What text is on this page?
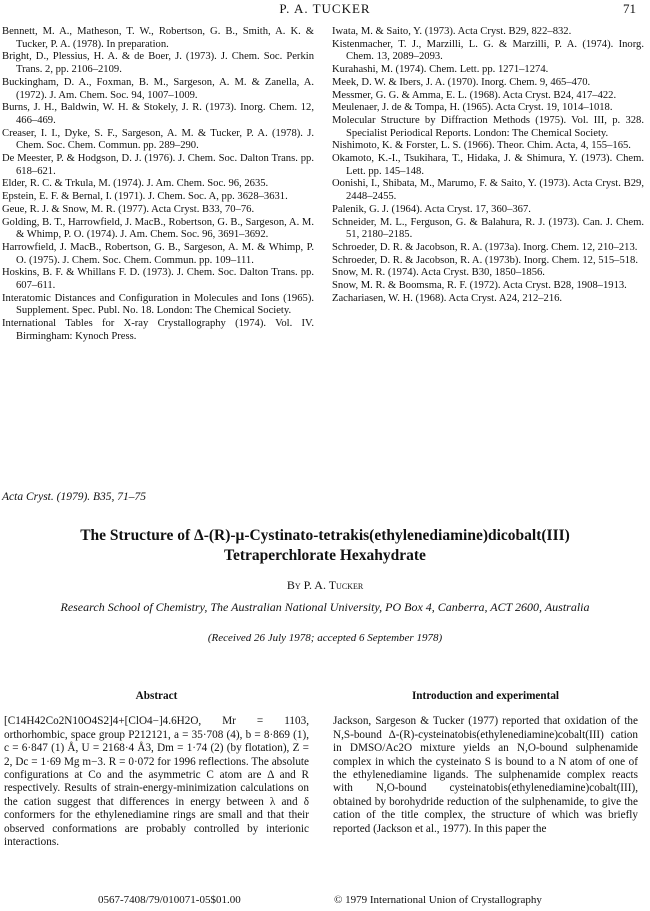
P. A. TUCKER	71
Bennett, M. A., Matheson, T. W., Robertson, G. B., Smith, A. K. & Tucker, P. A. (1978). In preparation.
Bright, D., Plessius, H. A. & de Boer, J. (1973). J. Chem. Soc. Perkin Trans. 2, pp. 2106–2109.
Buckingham, D. A., Foxman, B. M., Sargeson, A. M. & Zanella, A. (1972). J. Am. Chem. Soc. 94, 1007–1009.
Burns, J. H., Baldwin, W. H. & Stokely, J. R. (1973). Inorg. Chem. 12, 466–469.
Creaser, I. I., Dyke, S. F., Sargeson, A. M. & Tucker, P. A. (1978). J. Chem. Soc. Chem. Commun. pp. 289–290.
De Meester, P. & Hodgson, D. J. (1976). J. Chem. Soc. Dalton Trans. pp. 618–621.
Elder, R. C. & Trkula, M. (1974). J. Am. Chem. Soc. 96, 2635.
Epstein, E. F. & Bernal, I. (1971). J. Chem. Soc. A, pp. 3628–3631.
Geue, R. J. & Snow, M. R. (1977). Acta Cryst. B33, 70–76.
Golding, B. T., Harrowfield, J. MacB., Robertson, G. B., Sargeson, A. M. & Whimp, P. O. (1974). J. Am. Chem. Soc. 96, 3691–3692.
Harrowfield, J. MacB., Robertson, G. B., Sargeson, A. M. & Whimp, P. O. (1975). J. Chem. Soc. Chem. Commun. pp. 109–111.
Hoskins, B. F. & Whillans F. D. (1973). J. Chem. Soc. Dalton Trans. pp. 607–611.
Interatomic Distances and Configuration in Molecules and Ions (1965). Supplement. Spec. Publ. No. 18. London: The Chemical Society.
International Tables for X-ray Crystallography (1974). Vol. IV. Birmingham: Kynoch Press.
Iwata, M. & Saito, Y. (1973). Acta Cryst. B29, 822–832.
Kistenmacher, T. J., Marzilli, L. G. & Marzilli, P. A. (1974). Inorg. Chem. 13, 2089–2093.
Kurahashi, M. (1974). Chem. Lett. pp. 1271–1274.
Meek, D. W. & Ibers, J. A. (1970). Inorg. Chem. 9, 465–470.
Messmer, G. G. & Amma, E. L. (1968). Acta Cryst. B24, 417–422.
Meulenaer, J. de & Tompa, H. (1965). Acta Cryst. 19, 1014–1018.
Molecular Structure by Diffraction Methods (1975). Vol. III, p. 328. Specialist Periodical Reports. London: The Chemical Society.
Nishimoto, K. & Forster, L. S. (1966). Theor. Chim. Acta, 4, 155–165.
Okamoto, K.-I., Tsukihara, T., Hidaka, J. & Shimura, Y. (1973). Chem. Lett. pp. 145–148.
Oonishi, I., Shibata, M., Marumo, F. & Saito, Y. (1973). Acta Cryst. B29, 2448–2455.
Palenik, G. J. (1964). Acta Cryst. 17, 360–367.
Schneider, M. L., Ferguson, G. & Balahura, R. J. (1973). Can. J. Chem. 51, 2180–2185.
Schroeder, D. R. & Jacobson, R. A. (1973a). Inorg. Chem. 12, 210–213.
Schroeder, D. R. & Jacobson, R. A. (1973b). Inorg. Chem. 12, 515–518.
Snow, M. R. (1974). Acta Cryst. B30, 1850–1856.
Snow, M. R. & Boomsma, R. F. (1972). Acta Cryst. B28, 1908–1913.
Zachariasen, W. H. (1968). Acta Cryst. A24, 212–216.
Acta Cryst. (1979). B35, 71–75
The Structure of Δ-(R)-μ-Cystinato-tetrakis(ethylenediamine)dicobalt(III)
Tetraperchlorate Hexahydrate
By P. A. Tucker
Research School of Chemistry, The Australian National University, PO Box 4, Canberra, ACT 2600, Australia
(Received 26 July 1978; accepted 6 September 1978)
Abstract

[C14H42Co2N10O4S2]4+[ClO4−]4.6H2O, Mr = 1103, orthorhombic, space group P212121, a = 35·708 (4), b = 8·869 (1), c = 6·847 (1) Å, U = 2168·4 Å3, Dm = 1·74 (2) (by flotation), Z = 2, Dc = 1·69 Mg m−3. R = 0·072 for 1996 reflections. The absolute configurations at Co and the asymmetric C atom are Δ and R respectively. Results of strain-energy-minimization calculations on the cation suggest that differences in energy between λ and δ conformers for the ethylenediamine rings are small and that their observed conformations are probably controlled by interionic interactions.

Introduction and experimental

Jackson, Sargeson & Tucker (1977) reported that oxidation of the N,S-bound Δ-(R)-cysteinatobis(ethylenediamine)cobalt(III) cation in DMSO/Ac2O mixture yields an N,O-bound sulphenamide complex in which the cysteinato S is bound to a N atom of one of the ethylenediamine ligands. The sulphenamide complex reacts with N,O-bound cysteinatobis(ethylenediamine)cobalt(III), obtained by borohydride reduction of the sulphenamide, to give the cation of the title complex, the structure of which was briefly reported (Jackson et al., 1977). In this paper the

0567-7408/79/010071-05$01.00	© 1979 International Union of Crystallography
